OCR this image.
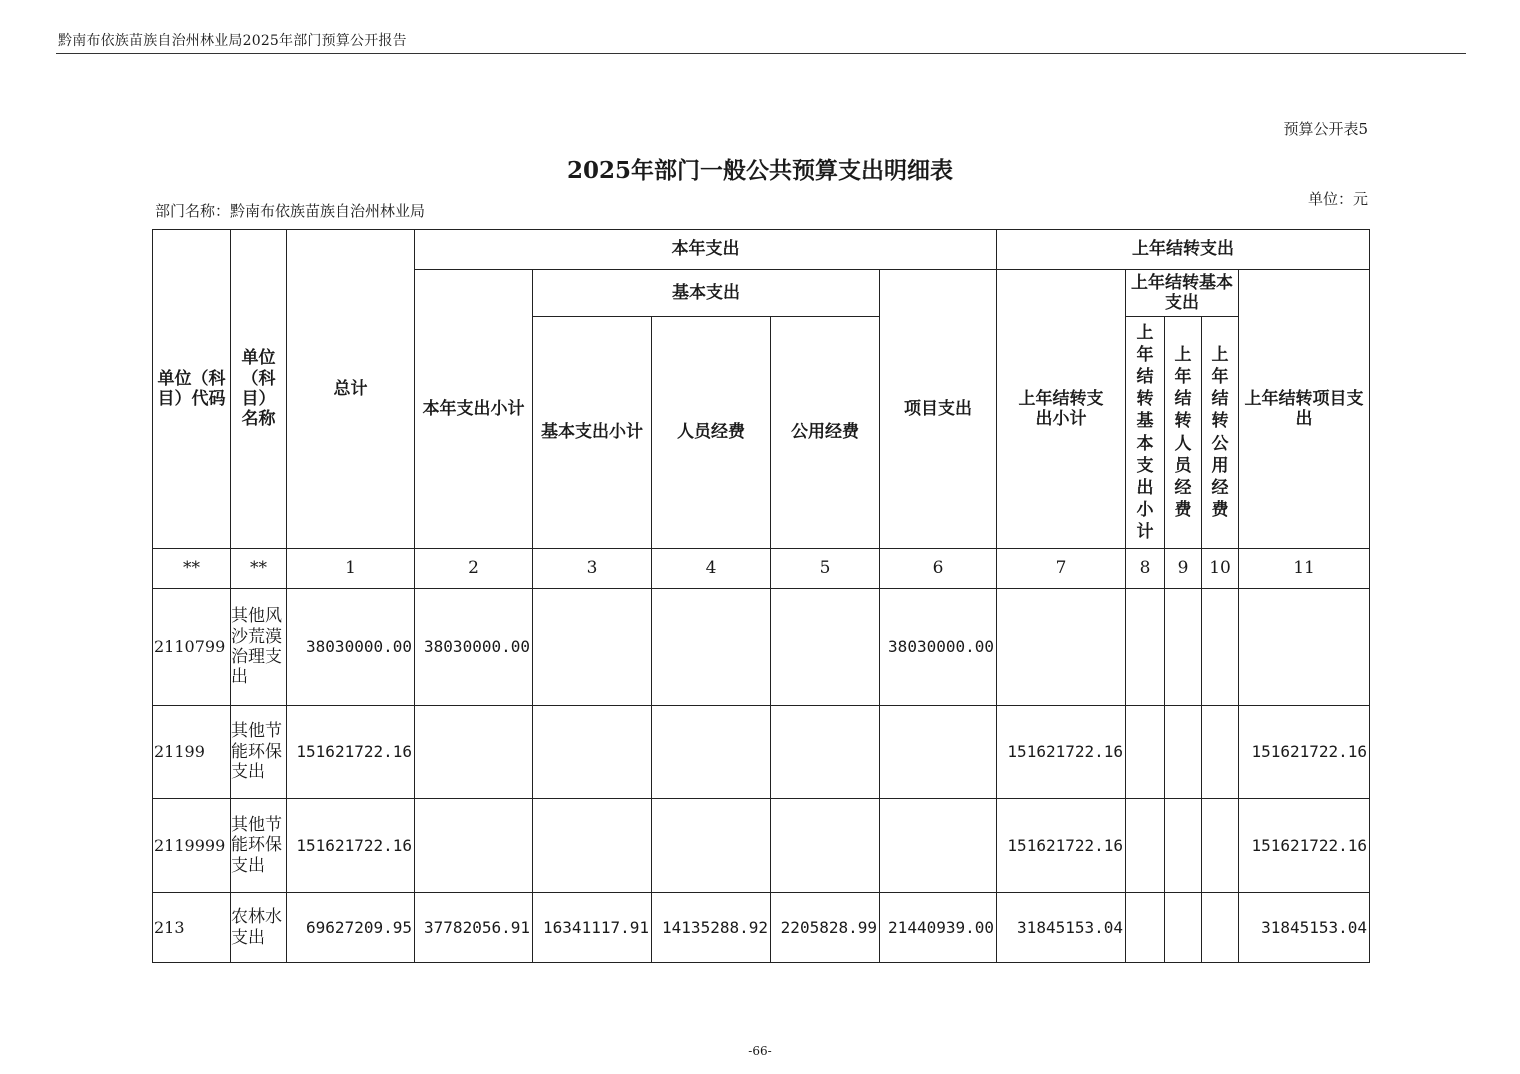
黔南布依族苗族自治州林业局2025年部门预算公开报告
预算公开表5
2025年部门一般公共预算支出明细表
部门名称：黔南布依族苗族自治州林业局
单位：元
单位（科目）代码	单位（科目）名称	总计	本年支出					上年结转支出				
			本年支出小计	基本支出			项目支出	上年结转支出小计	上年结转基本支出			上年结转项目支出
				基本支出小计	人员经费	公用经费			上年结转基本支出小计	上年结转人员经费	上年结转公用经费	

**	**	1	2	3	4	5	6	7	8	9	10	11
2110799	其他风沙荒漠治理支出	38030000.00	38030000.00				38030000.00					
21199	其他节能环保支出	151621722.16						151621722.16				151621722.16
2119999	其他节能环保支出	151621722.16						151621722.16				151621722.16
213	农林水支出	69627209.95	37782056.91	16341117.91	14135288.92	2205828.99	21440939.00	31845153.04				31845153.04
-66-
